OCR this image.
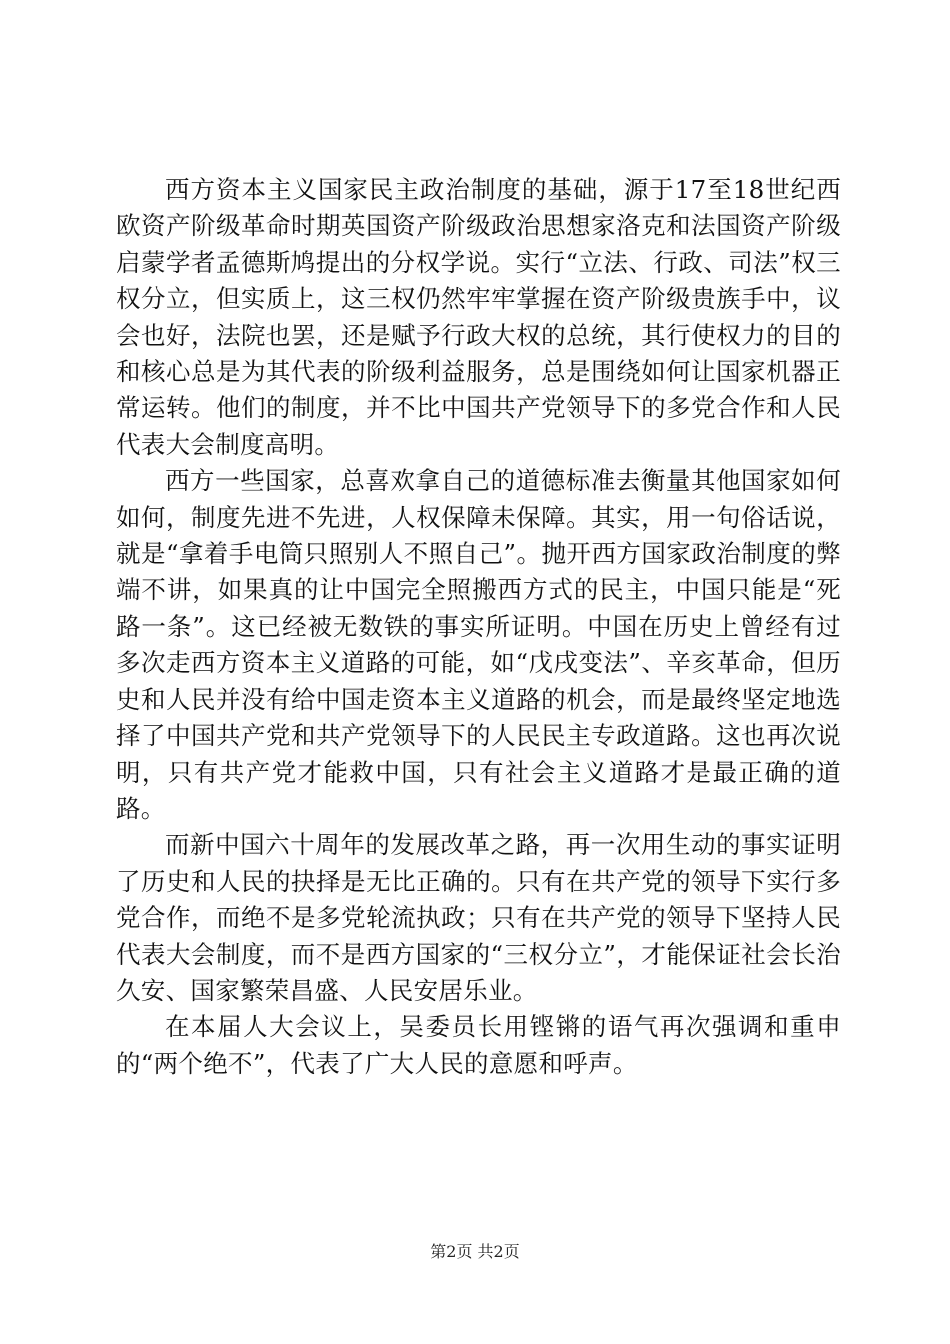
西方资本主义国家民主政治制度的基础，源于17至18世纪西欧资产阶级革命时期英国资产阶级政治思想家洛克和法国资产阶级启蒙学者孟德斯鸠提出的分权学说。实行“立法、行政、司法”权三权分立，但实质上，这三权仍然牢牢掌握在资产阶级贵族手中，议会也好，法院也罢，还是赋予行政大权的总统，其行使权力的目的和核心总是为其代表的阶级利益服务，总是围绕如何让国家机器正常运转。他们的制度，并不比中国共产党领导下的多党合作和人民代表大会制度高明。

西方一些国家，总喜欢拿自己的道德标准去衡量其他国家如何如何，制度先进不先进，人权保障未保障。其实，用一句俗话说，就是“拿着手电筒只照别人不照自己”。抛开西方国家政治制度的弊端不讲，如果真的让中国完全照搬西方式的民主，中国只能是“死路一条”。这已经被无数铁的事实所证明。中国在历史上曾经有过多次走西方资本主义道路的可能，如“戊戌变法”、辛亥革命，但历史和人民并没有给中国走资本主义道路的机会，而是最终坚定地选择了中国共产党和共产党领导下的人民民主专政道路。这也再次说明，只有共产党才能救中国，只有社会主义道路才是最正确的道路。

而新中国六十周年的发展改革之路，再一次用生动的事实证明了历史和人民的抉择是无比正确的。只有在共产党的领导下实行多党合作，而绝不是多党轮流执政；只有在共产党的领导下坚持人民代表大会制度，而不是西方国家的“三权分立”，才能保证社会长治久安、国家繁荣昌盛、人民安居乐业。

在本届人大会议上，吴委员长用铿锵的语气再次强调和重申的“两个绝不”，代表了广大人民的意愿和呼声。

第2页 共2页
